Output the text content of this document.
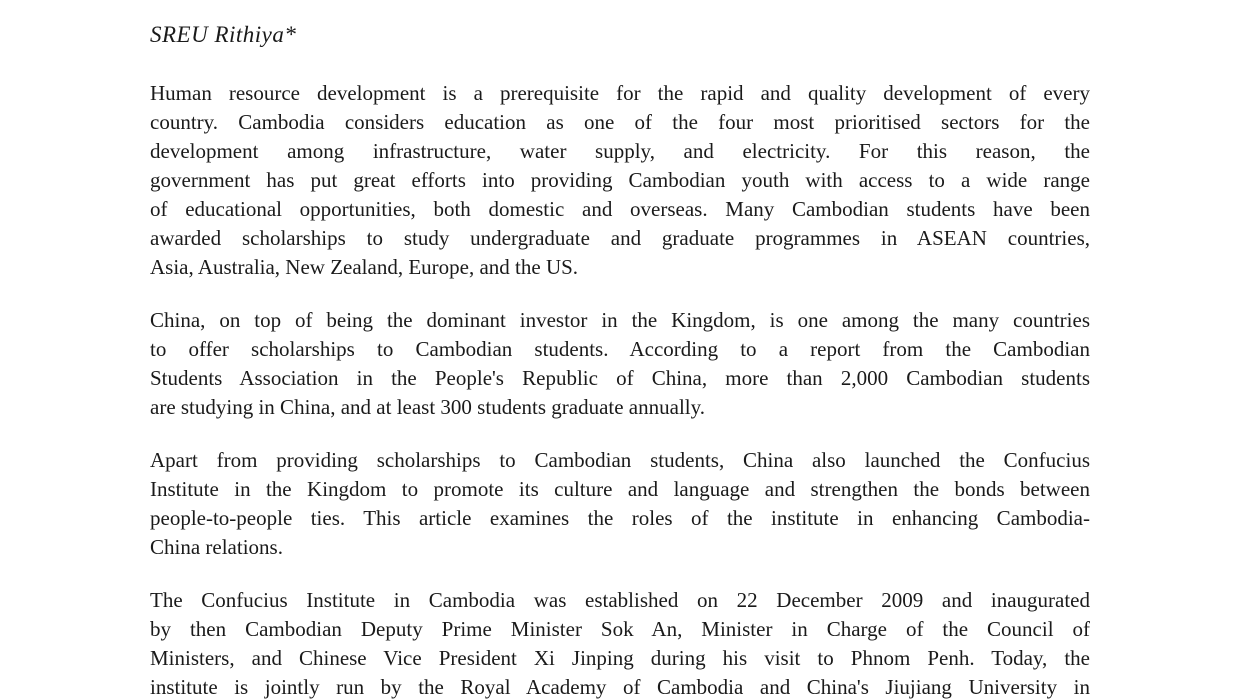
SREU Rithiya*
Human resource development is a prerequisite for the rapid and quality development of every
country. Cambodia considers education as one of the four most prioritised sectors for the
development among infrastructure, water supply, and electricity. For this reason, the
government has put great efforts into providing Cambodian youth with access to a wide range
of educational opportunities, both domestic and overseas. Many Cambodian students have been
awarded scholarships to study undergraduate and graduate programmes in ASEAN countries,
Asia, Australia, New Zealand, Europe, and the US.
China, on top of being the dominant investor in the Kingdom, is one among the many countries
to offer scholarships to Cambodian students. According to a report from the Cambodian
Students Association in the People's Republic of China, more than 2,000 Cambodian students
are studying in China, and at least 300 students graduate annually.
Apart from providing scholarships to Cambodian students, China also launched the Confucius
Institute in the Kingdom to promote its culture and language and strengthen the bonds between
people-to-people ties. This article examines the roles of the institute in enhancing Cambodia-
China relations.
The Confucius Institute in Cambodia was established on 22 December 2009 and inaugurated
by then Cambodian Deputy Prime Minister Sok An, Minister in Charge of the Council of
Ministers, and Chinese Vice President Xi Jinping during his visit to Phnom Penh. Today, the
institute is jointly run by the Royal Academy of Cambodia and China's Jiujiang University in
